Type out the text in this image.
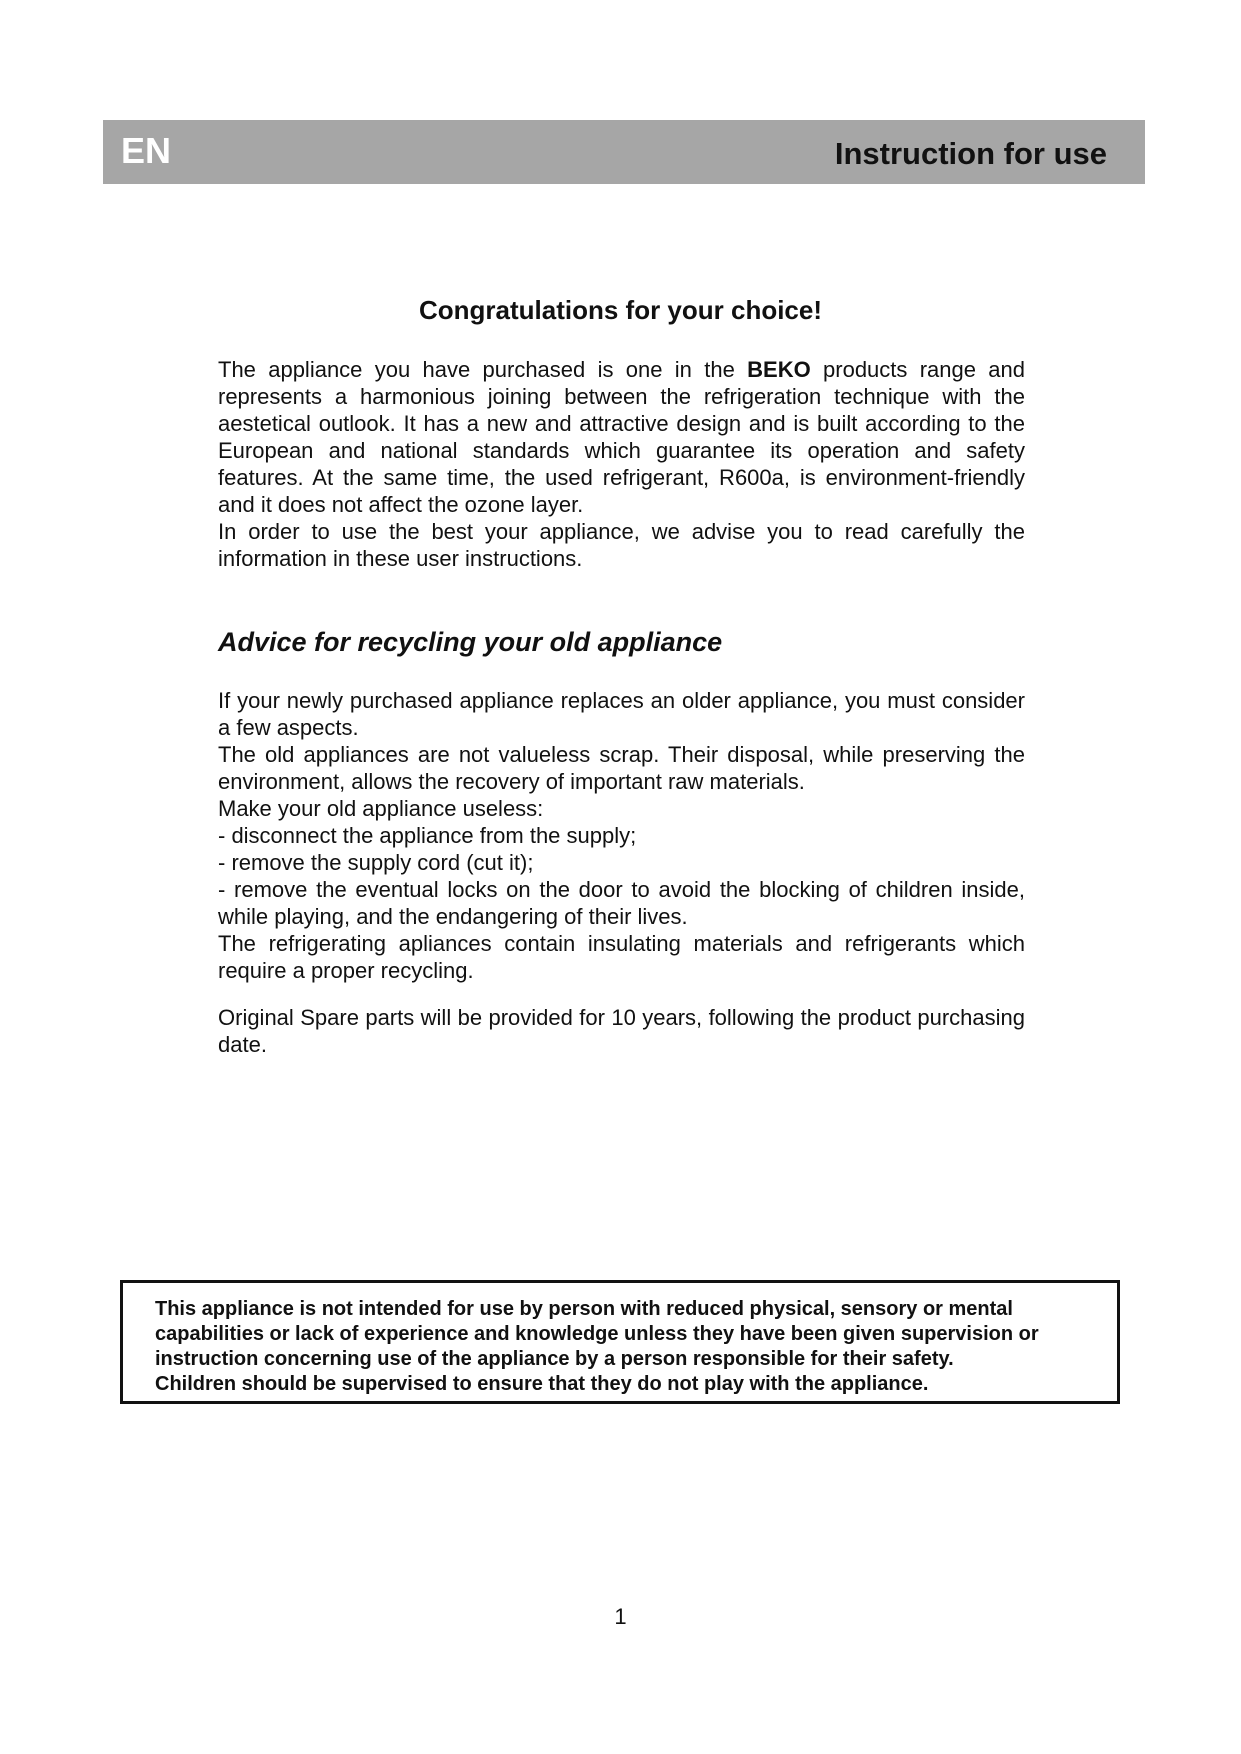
EN	Instruction for use
Congratulations for your choice!

The appliance you have purchased is one in the BEKO products range and represents a harmonious joining between the refrigeration technique with the aestetical outlook. It has a new and attractive design and is built according to the European and national standards which guarantee its operation and safety features. At the same time, the used refrigerant, R600a, is environment-friendly and it does not affect the ozone layer.

In order to use the best your appliance, we advise you to read carefully the information in these user instructions.

Advice for recycling your old appliance

If your newly purchased appliance replaces an older appliance, you must consider a few aspects.

The old appliances are not valueless scrap. Their disposal, while preserving the environment, allows the recovery of important raw materials.

Make your old appliance useless:

- disconnect the appliance from the supply;

- remove the supply cord (cut it);

- remove the eventual locks on the door to avoid the blocking of children inside, while playing, and the endangering of their lives.

The refrigerating apliances contain insulating materials and refrigerants which require a proper recycling.

Original Spare parts will be provided for 10 years, following the product purchasing date.

This appliance is not intended for use by person with reduced physical, sensory or mental capabilities or lack of experience and knowledge unless they have been given supervision or instruction concerning use of the appliance by a person responsible for their safety.

Children should be supervised to ensure that they do not play with the appliance.

1
